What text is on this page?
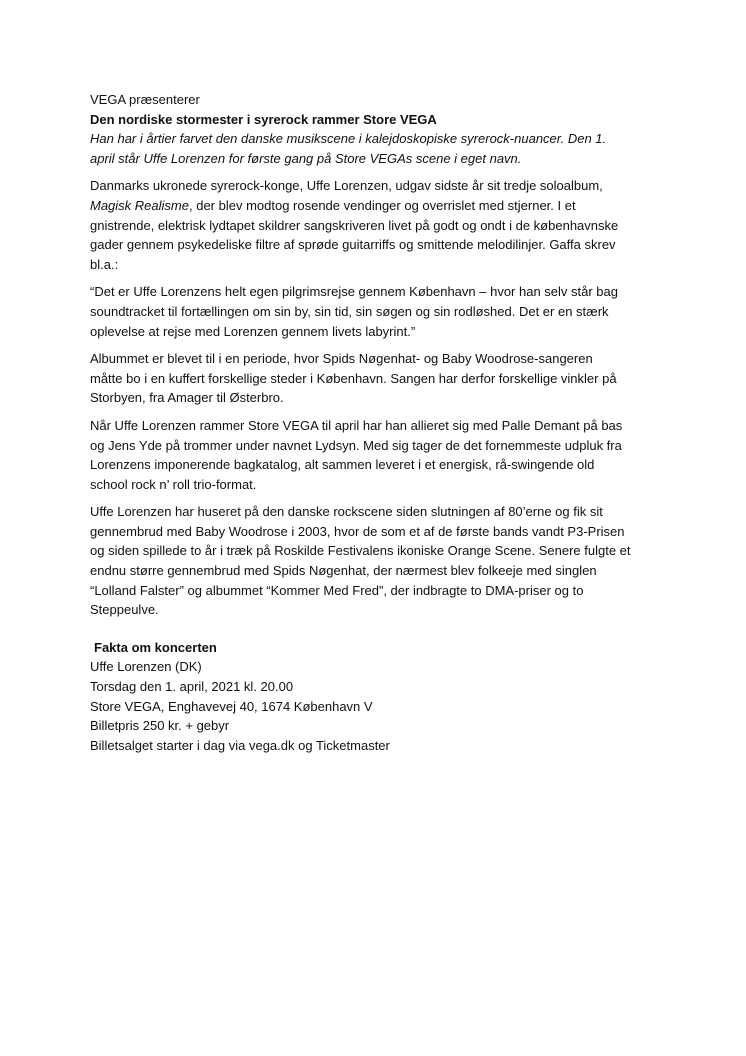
VEGA præsenterer
Den nordiske stormester i syrerock rammer Store VEGA
Han har i årtier farvet den danske musikscene i kalejdoskopiske syrerock-nuancer. Den 1.
april står Uffe Lorenzen for første gang på Store VEGAs scene i eget navn.
Danmarks ukronede syrerock-konge, Uffe Lorenzen, udgav sidste år sit tredje soloalbum,
Magisk Realisme, der blev modtog rosende vendinger og overrislet med stjerner. I et
gnistrende, elektrisk lydtapet skildrer sangskriveren livet på godt og ondt i de københavnske
gader gennem psykedeliske filtre af sprøde guitarriffs og smittende melodilinjer. Gaffa skrev
bl.a.:
“Det er Uffe Lorenzens helt egen pilgrimsrejse gennem København – hvor han selv står bag
soundtracket til fortællingen om sin by, sin tid, sin søgen og sin rodløshed. Det er en stærk
oplevelse at rejse med Lorenzen gennem livets labyrint.”
Albummet er blevet til i en periode, hvor Spids Nøgenhat- og Baby Woodrose-sangeren
måtte bo i en kuffert forskellige steder i København. Sangen har derfor forskellige vinkler på
Storbyen, fra Amager til Østerbro.
Når Uffe Lorenzen rammer Store VEGA til april har han allieret sig med Palle Demant på bas
og Jens Yde på trommer under navnet Lydsyn. Med sig tager de det fornemmeste udpluk fra
Lorenzens imponerende bagkatalog, alt sammen leveret i et energisk, rå-swingende old
school rock n’ roll trio-format.
Uffe Lorenzen har huseret på den danske rockscene siden slutningen af 80’erne og fik sit
gennembrud med Baby Woodrose i 2003, hvor de som et af de første bands vandt P3-Prisen
og siden spillede to år i træk på Roskilde Festivalens ikoniske Orange Scene. Senere fulgte et
endnu større gennembrud med Spids Nøgenhat, der nærmest blev folkeeje med singlen
“Lolland Falster” og albummet “Kommer Med Fred”, der indbragte to DMA-priser og to
Steppeulve.
Fakta om koncerten
Uffe Lorenzen (DK)
Torsdag den 1. april, 2021 kl. 20.00
Store VEGA, Enghavevej 40, 1674 København V
Billetpris 250 kr. + gebyr
Billetsalget starter i dag via vega.dk og Ticketmaster
